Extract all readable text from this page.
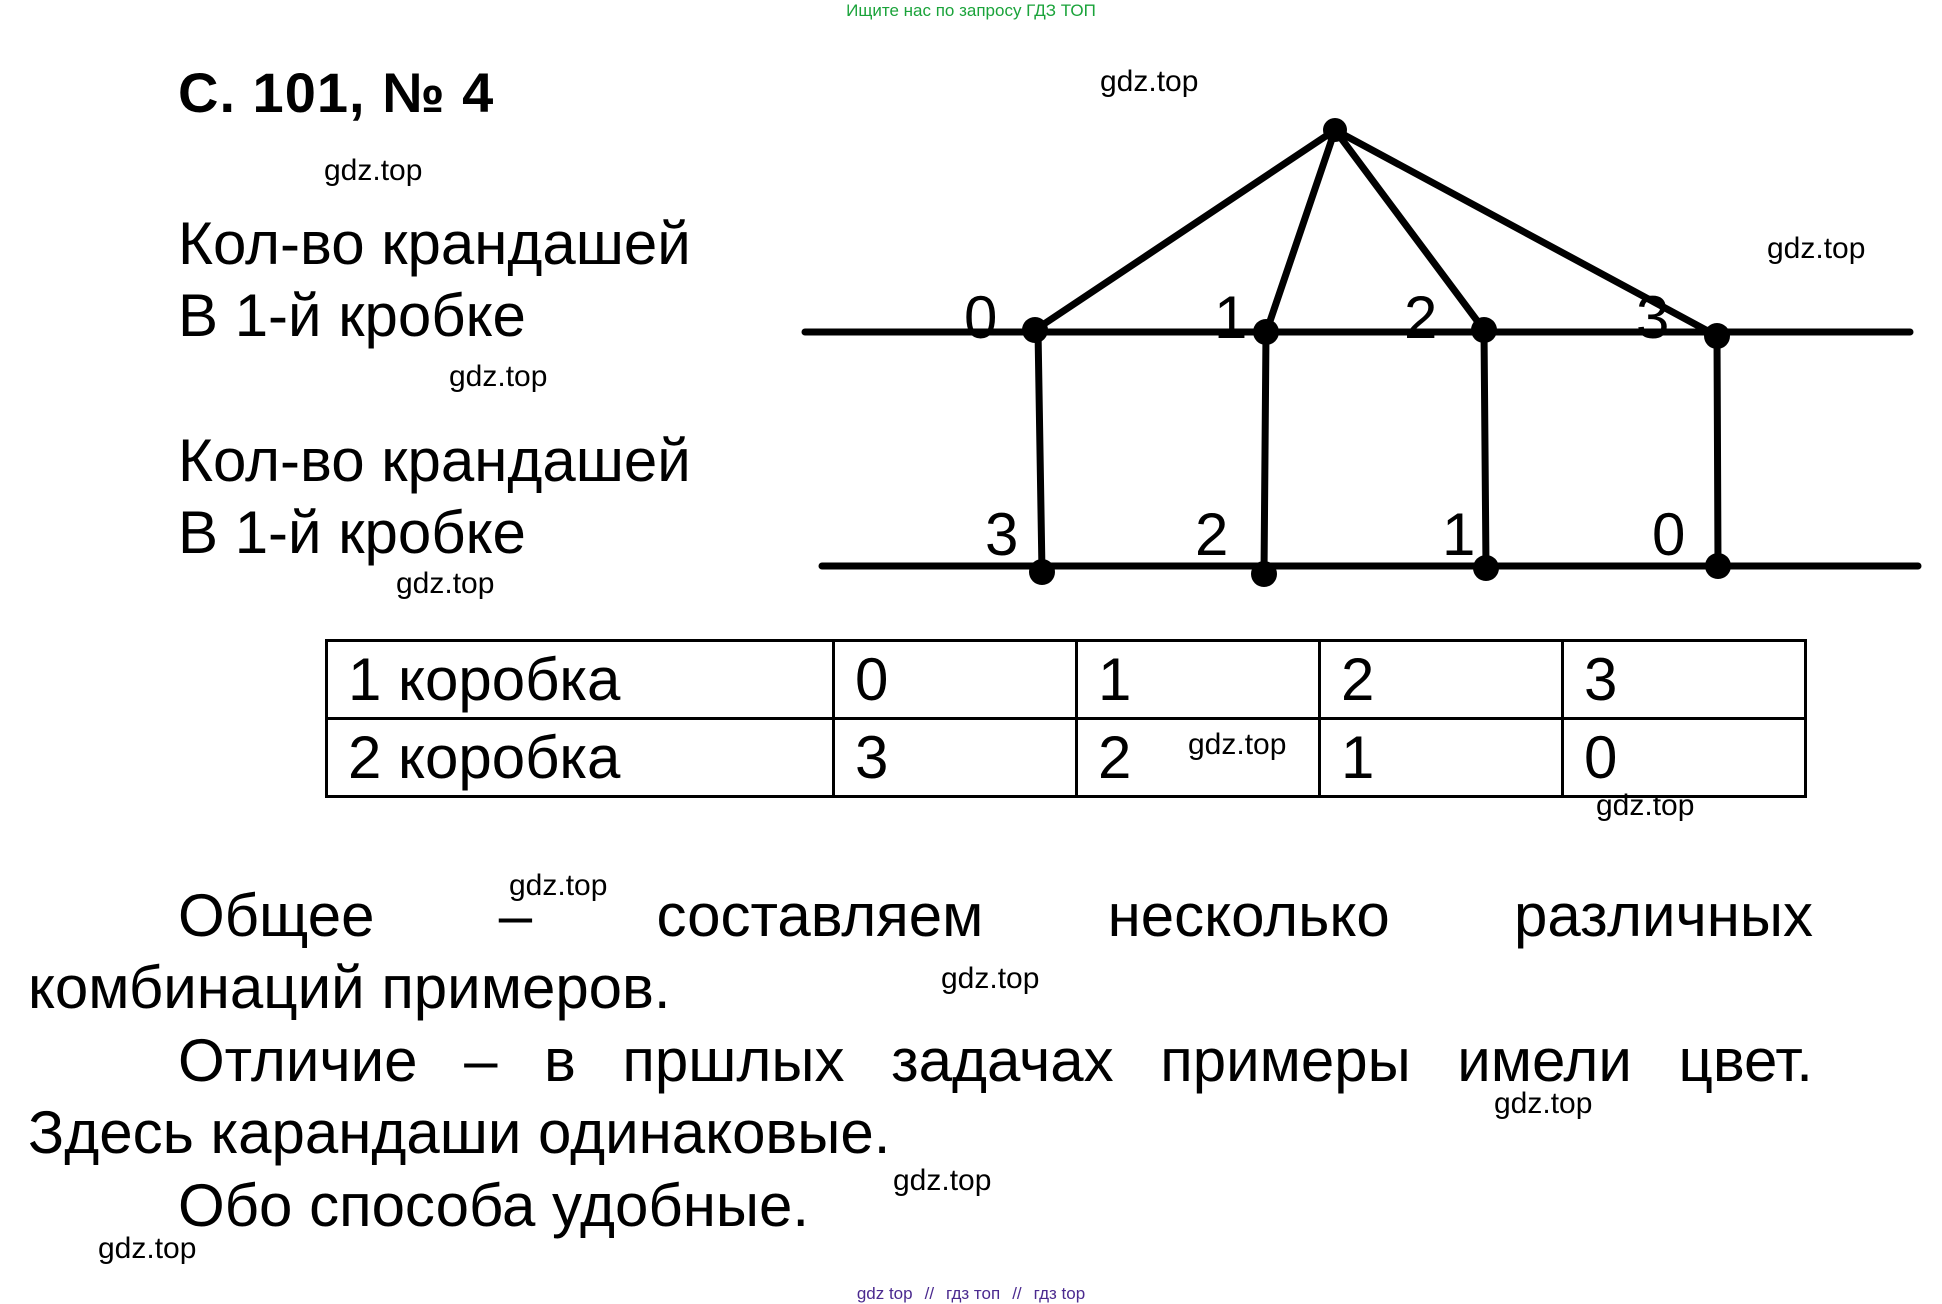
Ищите нас по запросу ГДЗ ТОП
С. 101, № 4
0	1	2	3
3	2	1	0
Кол-во крандашей
В 1-й кробке
Кол-во крандашей
В 1-й кробке
1 коробка	0	1	2	3
2 коробка	3	2	1	0
Общее – составляем несколько различных
комбинаций примеров.
Отличие – в пршлых задачах примеры имели цвет.
Здесь карандаши одинаковые.
Обо способа удобные.
gdz.top
gdz.top
gdz.top
gdz.top
gdz.top
gdz.top
gdz.top
gdz.top
gdz.top
gdz.top
gdz.top
gdz.top
gdz top // гдз топ // гдз top
